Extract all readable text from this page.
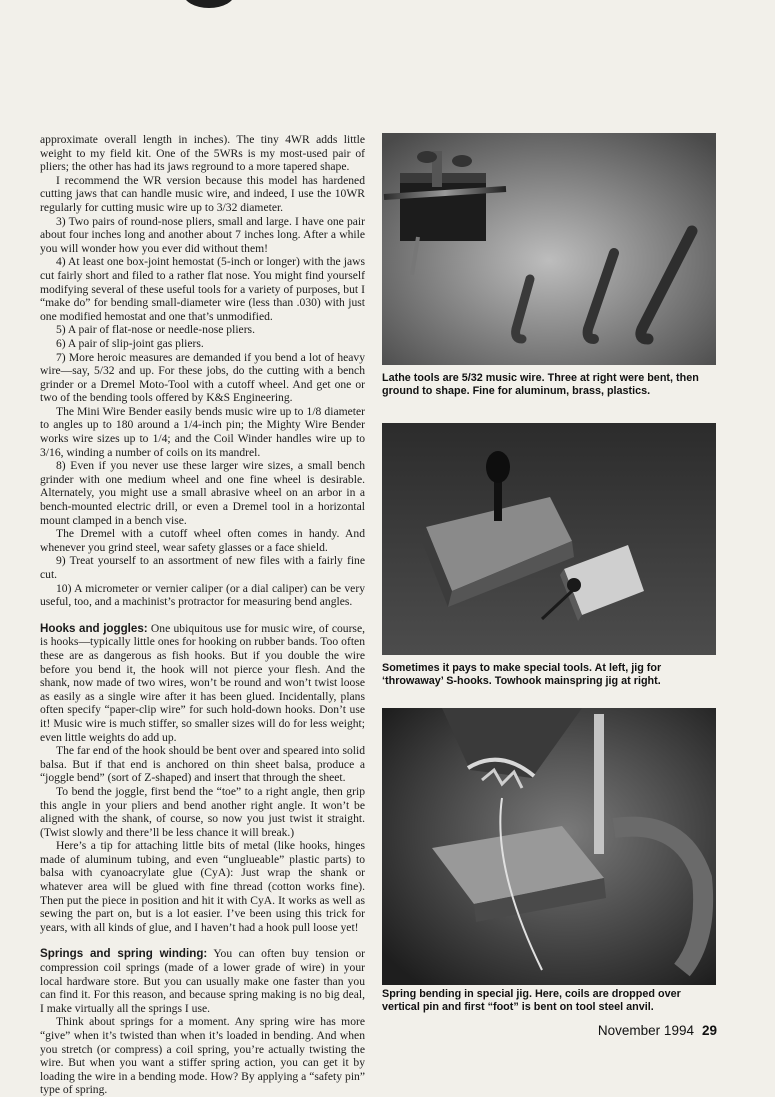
approximate overall length in inches). The tiny 4WR adds little weight to my field kit. One of the 5WRs is my most-used pair of pliers; the other has had its jaws reground to a more tapered shape.

I recommend the WR version because this model has hardened cutting jaws that can handle music wire, and indeed, I use the 10WR regularly for cutting music wire up to 3/32 diameter.

3) Two pairs of round-nose pliers, small and large. I have one pair about four inches long and another about 7 inches long. After a while you will wonder how you ever did without them!

4) At least one box-joint hemostat (5-inch or longer) with the jaws cut fairly short and filed to a rather flat nose. You might find yourself modifying several of these useful tools for a variety of purposes, but I “make do” for bending small-diameter wire (less than .030) with just one modified hemostat and one that’s unmodified.

5) A pair of flat-nose or needle-nose pliers.

6) A pair of slip-joint gas pliers.

7) More heroic measures are demanded if you bend a lot of heavy wire—say, 5/32 and up. For these jobs, do the cutting with a bench grinder or a Dremel Moto-Tool with a cutoff wheel. And get one or two of the bending tools offered by K&S Engineering.

The Mini Wire Bender easily bends music wire up to 1/8 diameter to angles up to 180 around a 1/4-inch pin; the Mighty Wire Bender works wire sizes up to 1/4; and the Coil Winder handles wire up to 3/16, winding a number of coils on its mandrel.

8) Even if you never use these larger wire sizes, a small bench grinder with one medium wheel and one fine wheel is desirable. Alternately, you might use a small abrasive wheel on an arbor in a bench-mounted electric drill, or even a Dremel tool in a horizontal mount clamped in a bench vise.

The Dremel with a cutoff wheel often comes in handy. And whenever you grind steel, wear safety glasses or a face shield.

9) Treat yourself to an assortment of new files with a fairly fine cut.

10) A micrometer or vernier caliper (or a dial caliper) can be very useful, too, and a machinist’s protractor for measuring bend angles.

Hooks and joggles: One ubiquitous use for music wire, of course, is hooks—typically little ones for hooking on rubber bands. Too often these are as dangerous as fish hooks. But if you double the wire before you bend it, the hook will not pierce your flesh. And the shank, now made of two wires, won’t be round and won’t twist loose as easily as a single wire after it has been glued. Incidentally, plans often specify “paper-clip wire” for such hold-down hooks. Don’t use it! Music wire is much stiffer, so smaller sizes will do for less weight; even little weights do add up.

The far end of the hook should be bent over and speared into solid balsa. But if that end is anchored on thin sheet balsa, produce a “joggle bend” (sort of Z-shaped) and insert that through the sheet.

To bend the joggle, first bend the “toe” to a right angle, then grip this angle in your pliers and bend another right angle. It won’t be aligned with the shank, of course, so now you just twist it straight. (Twist slowly and there’ll be less chance it will break.)

Here’s a tip for attaching little bits of metal (like hooks, hinges made of aluminum tubing, and even “unglueable” plastic parts) to balsa with cyanoacrylate glue (CyA): Just wrap the shank or whatever area will be glued with fine thread (cotton works fine). Then put the piece in position and hit it with CyA. It works as well as sewing the part on, but is a lot easier. I’ve been using this trick for years, with all kinds of glue, and I haven’t had a hook pull loose yet!

Springs and spring winding: You can often buy tension or compression coil springs (made of a lower grade of wire) in your local hardware store. But you can usually make one faster than you can find it. For this reason, and because spring making is no big deal, I make virtually all the springs I use.

Think about springs for a moment. Any spring wire has more “give” when it’s twisted than when it’s loaded in bending. And when you stretch (or compress) a coil spring, you’re actually twisting the wire. But when you want a stiffer spring action, you can get it by loading the wire in a bending mode. How? By applying a “safety pin” type of spring.

Lathe tools are 5/32 music wire. Three at right were bent, then ground to shape. Fine for aluminum, brass, plastics.
Sometimes it pays to make special tools. At left, jig for ‘throwaway’ S-hooks. Towhook mainspring jig at right.
Spring bending in special jig. Here, coils are dropped over vertical pin and first “foot” is bent on tool steel anvil.
November 1994 29
